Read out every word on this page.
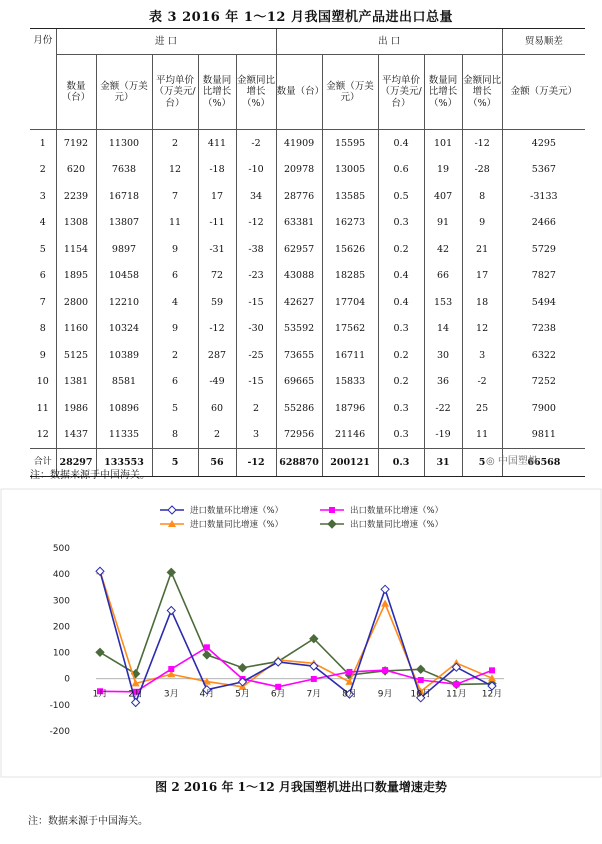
表 3 2016 年 1～12 月我国塑机产品进出口总量
月份	进 口					出 口					贸易顺差
	数量（台）	金额（万美元）	平均单价（万美元/台）	数量同比增长（%）	金额同比增长（%）	数量（台）	金额（万美元）	平均单价（万美元/台）	数量同比增长（%）	金额同比增长（%）	金额（万美元）
1	7192	11300	2	411	-2	41909	15595	0.4	101	-12	4295
2	620	7638	12	-18	-10	20978	13005	0.6	19	-28	5367
3	2239	16718	7	17	34	28776	13585	0.5	407	8	-3133
4	1308	13807	11	-11	-12	63381	16273	0.3	91	9	2466
5	1154	9897	9	-31	-38	62957	15626	0.2	42	21	5729
6	1895	10458	6	72	-23	43088	18285	0.4	66	17	7827
7	2800	12210	4	59	-15	42627	17704	0.4	153	18	5494
8	1160	10324	9	-12	-30	53592	17562	0.3	14	12	7238
9	5125	10389	2	287	-25	73655	16711	0.2	30	3	6322
10	1381	8581	6	-49	-15	69665	15833	0.2	36	-2	7252
11	1986	10896	5	60	2	55286	18796	0.3	-22	25	7900
12	1437	11335	8	2	3	72956	21146	0.3	-19	11	9811
合计	28297	133553	5	56	-12	628870	200121	0.3	31	5	66568
◎ 中国塑机
注：数据来源于中国海关。
进口数量环比增速（%）	出口数量环比增速（%）
进口数量同比增速（%）	出口数量同比增速（%）
500
400
300
200
100
0
-100
-200
1月 2月 3月 4月 5月 6月 7月 8月 9月 10月 11月 12月
图 2 2016 年 1～12 月我国塑机进出口数量增速走势
注：数据来源于中国海关。
